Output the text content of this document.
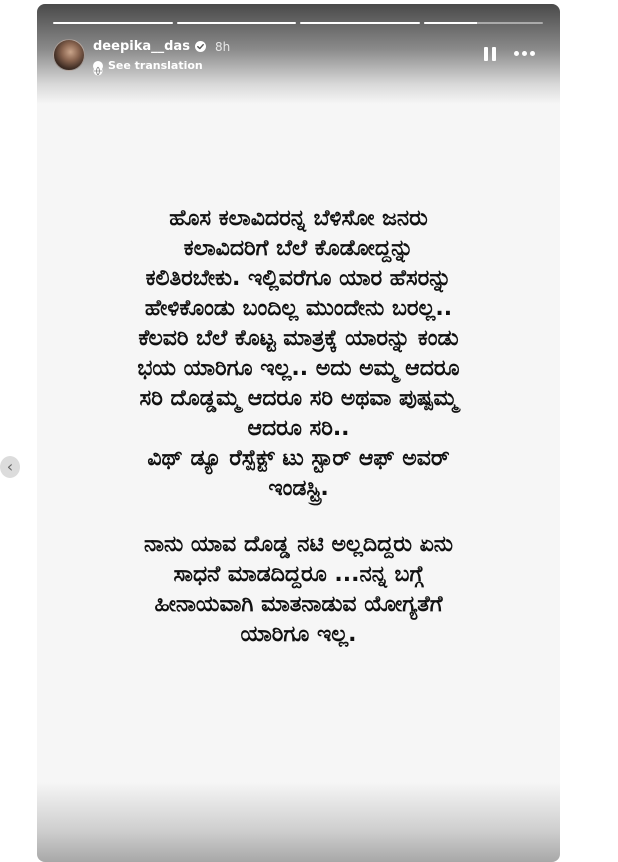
‹
deepika__das 8h
See translation

ಹೊಸ ಕಲಾವಿದರನ್ನ ಬೆಳಿಸೋ ಜನರು
ಕಲಾವಿದರಿಗೆ ಬೆಲೆ ಕೊಡೋದ್ದನ್ನು
ಕಲಿತಿರಬೇಕು. ಇಲ್ಲಿವರೆಗೂ ಯಾರ ಹೆಸರನ್ನು
ಹೇಳಿಕೊಂಡು ಬಂದಿಲ್ಲ ಮುಂದೇನು ಬರಲ್ಲ..
ಕೆಲವರಿ ಬೆಲೆ ಕೊಟ್ಟ ಮಾತ್ರಕ್ಕೆ ಯಾರನ್ನು ಕಂಡು
ಭಯ ಯಾರಿಗೂ ಇಲ್ಲ.. ಅದು ಅಮ್ಮ ಆದರೂ
ಸರಿ ದೊಡ್ಡಮ್ಮ ಆದರೂ ಸರಿ ಅಥವಾ ಪುಷ್ಪಮ್ಮ
ಆದರೂ ಸರಿ..
ವಿಥ್ ಡ್ಯೂ ರೆಸ್ಪೆಕ್ಟ್ ಟು ಸ್ಟಾರ್ ಆಫ್ ಅವರ್
ಇಂಡಸ್ಟ್ರಿ.

ನಾನು ಯಾವ ದೊಡ್ಡ ನಟಿ ಅಲ್ಲದಿದ್ದರು ಏನು
ಸಾಧನೆ ಮಾಡದಿದ್ದರೂ ...ನನ್ನ ಬಗ್ಗೆ
ಹೀನಾಯವಾಗಿ ಮಾತನಾಡುವ ಯೋಗ್ಯತೆಗೆ
ಯಾರಿಗೂ ಇಲ್ಲ.
